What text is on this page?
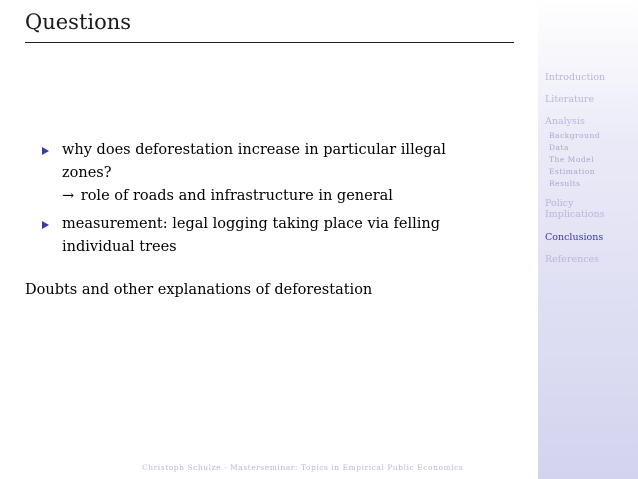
Introduction
Literature
Analysis
Background
Data
The Model
Estimation
Results
Policy
Implications
Conclusions
References
Questions
why does deforestation increase in particular illegal
zones?
→ role of roads and infrastructure in general
measurement: legal logging taking place via felling
individual trees
Doubts and other explanations of deforestation
Christoph Schulze - Masterseminar: Topics in Empirical Public Economics
